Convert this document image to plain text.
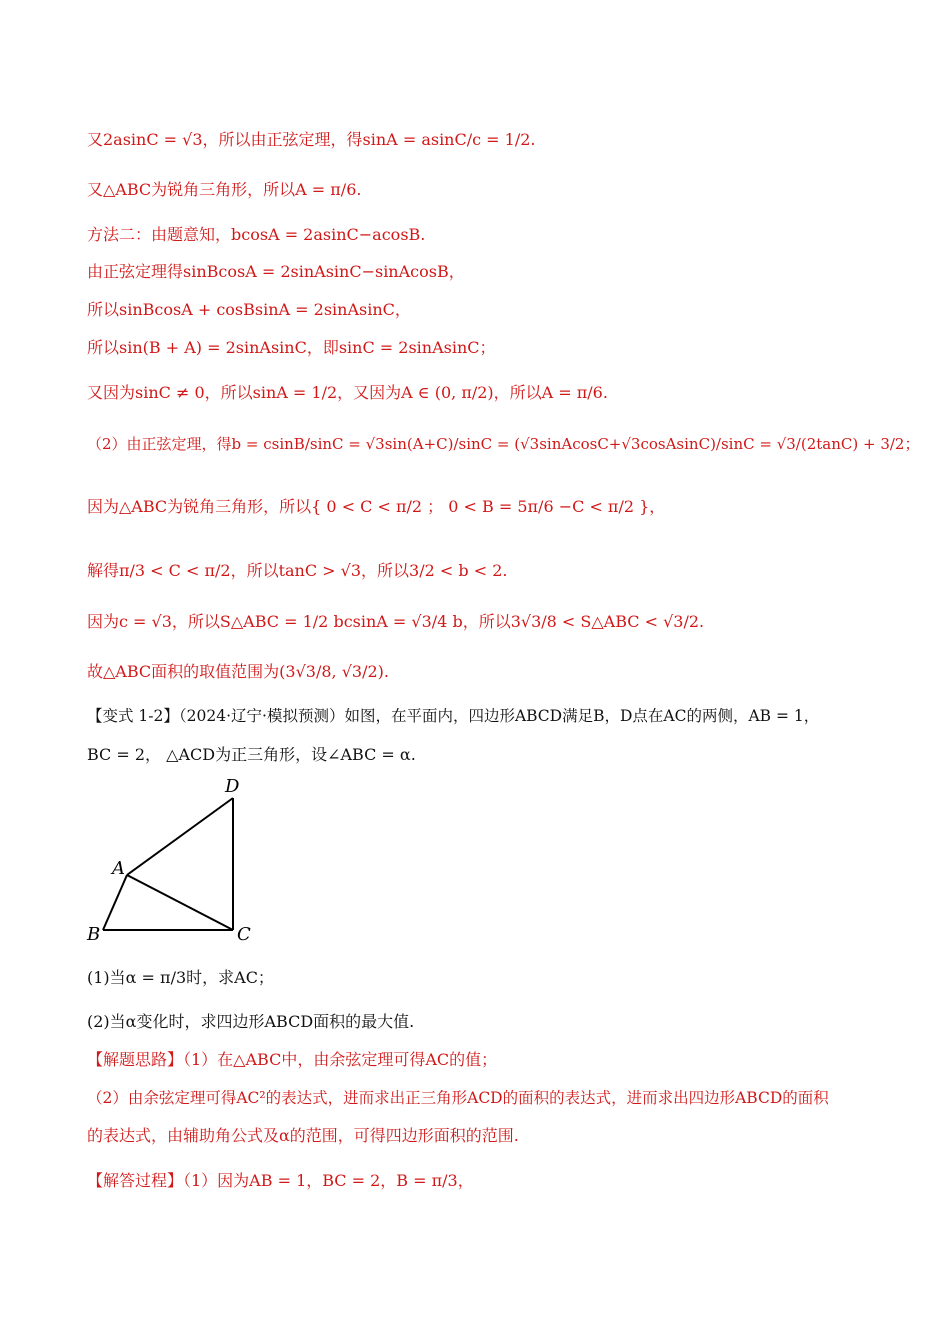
又2asinC = √3，所以由正弦定理，得sinA = asinC/c = 1/2.
又△ABC为锐角三角形，所以A = π/6.
方法二：由题意知，bcosA = 2asinC−acosB.
由正弦定理得sinBcosA = 2sinAsinC−sinAcosB，
所以sinBcosA + cosBsinA = 2sinAsinC，
所以sin(B + A) = 2sinAsinC，即sinC = 2sinAsinC；
又因为sinC ≠ 0，所以sinA = 1/2，又因为A ∈ (0, π/2)，所以A = π/6.
（2）由正弦定理，得b = csinB/sinC = √3sin(A+C)/sinC = (√3sinAcosC+√3cosAsinC)/sinC = √3/(2tanC) + 3/2；
因为△ABC为锐角三角形，所以{ 0 < C < π/2 ； 0 < B = 5π/6 −C < π/2 }，
解得π/3 < C < π/2，所以tanC > √3，所以3/2 < b < 2.
因为c = √3，所以S△ABC = 1/2 bcsinA = √3/4 b，所以3√3/8 < S△ABC < √3/2.
故△ABC面积的取值范围为(3√3/8, √3/2).
【变式 1-2】（2024·辽宁·模拟预测）如图，在平面内，四边形ABCD满足B，D点在AC的两侧，AB = 1，
BC = 2， △ACD为正三角形，设∠ABC = α.
D
A
B	C
(1)当α = π/3时，求AC；
(2)当α变化时，求四边形ABCD面积的最大值.
【解题思路】（1）在△ABC中，由余弦定理可得AC的值；
（2）由余弦定理可得AC²的表达式，进而求出正三角形ACD的面积的表达式，进而求出四边形ABCD的面积
的表达式，由辅助角公式及α的范围，可得四边形面积的范围.
【解答过程】（1）因为AB = 1，BC = 2，B = π/3，
